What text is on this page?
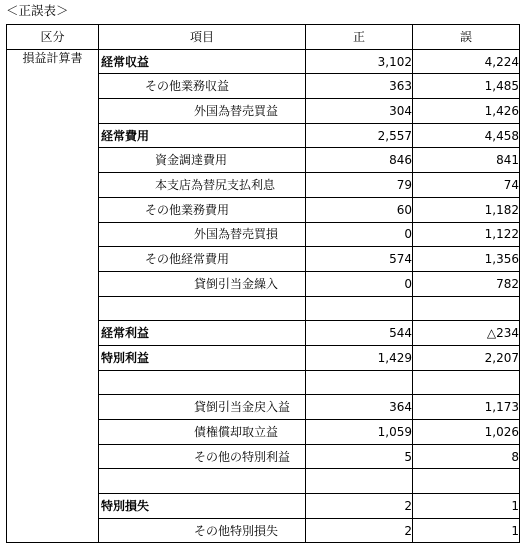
＜正誤表＞
区分	項目	正	誤
損益計算書	経常収益	3,102	4,224
	その他業務収益	363	1,485
	外国為替売買益	304	1,426
	経常費用	2,557	4,458
	資金調達費用	846	841
	本支店為替尻支払利息	79	74
	その他業務費用	60	1,182
	外国為替売買損	0	1,122
	その他経常費用	574	1,356
	貸倒引当金繰入	0	782

	経常利益	544	△234
	特別利益	1,429	2,207

	貸倒引当金戻入益	364	1,173
	債権償却取立益	1,059	1,026
	その他の特別利益	5	8

	特別損失	2	1
	その他特別損失	2	1
